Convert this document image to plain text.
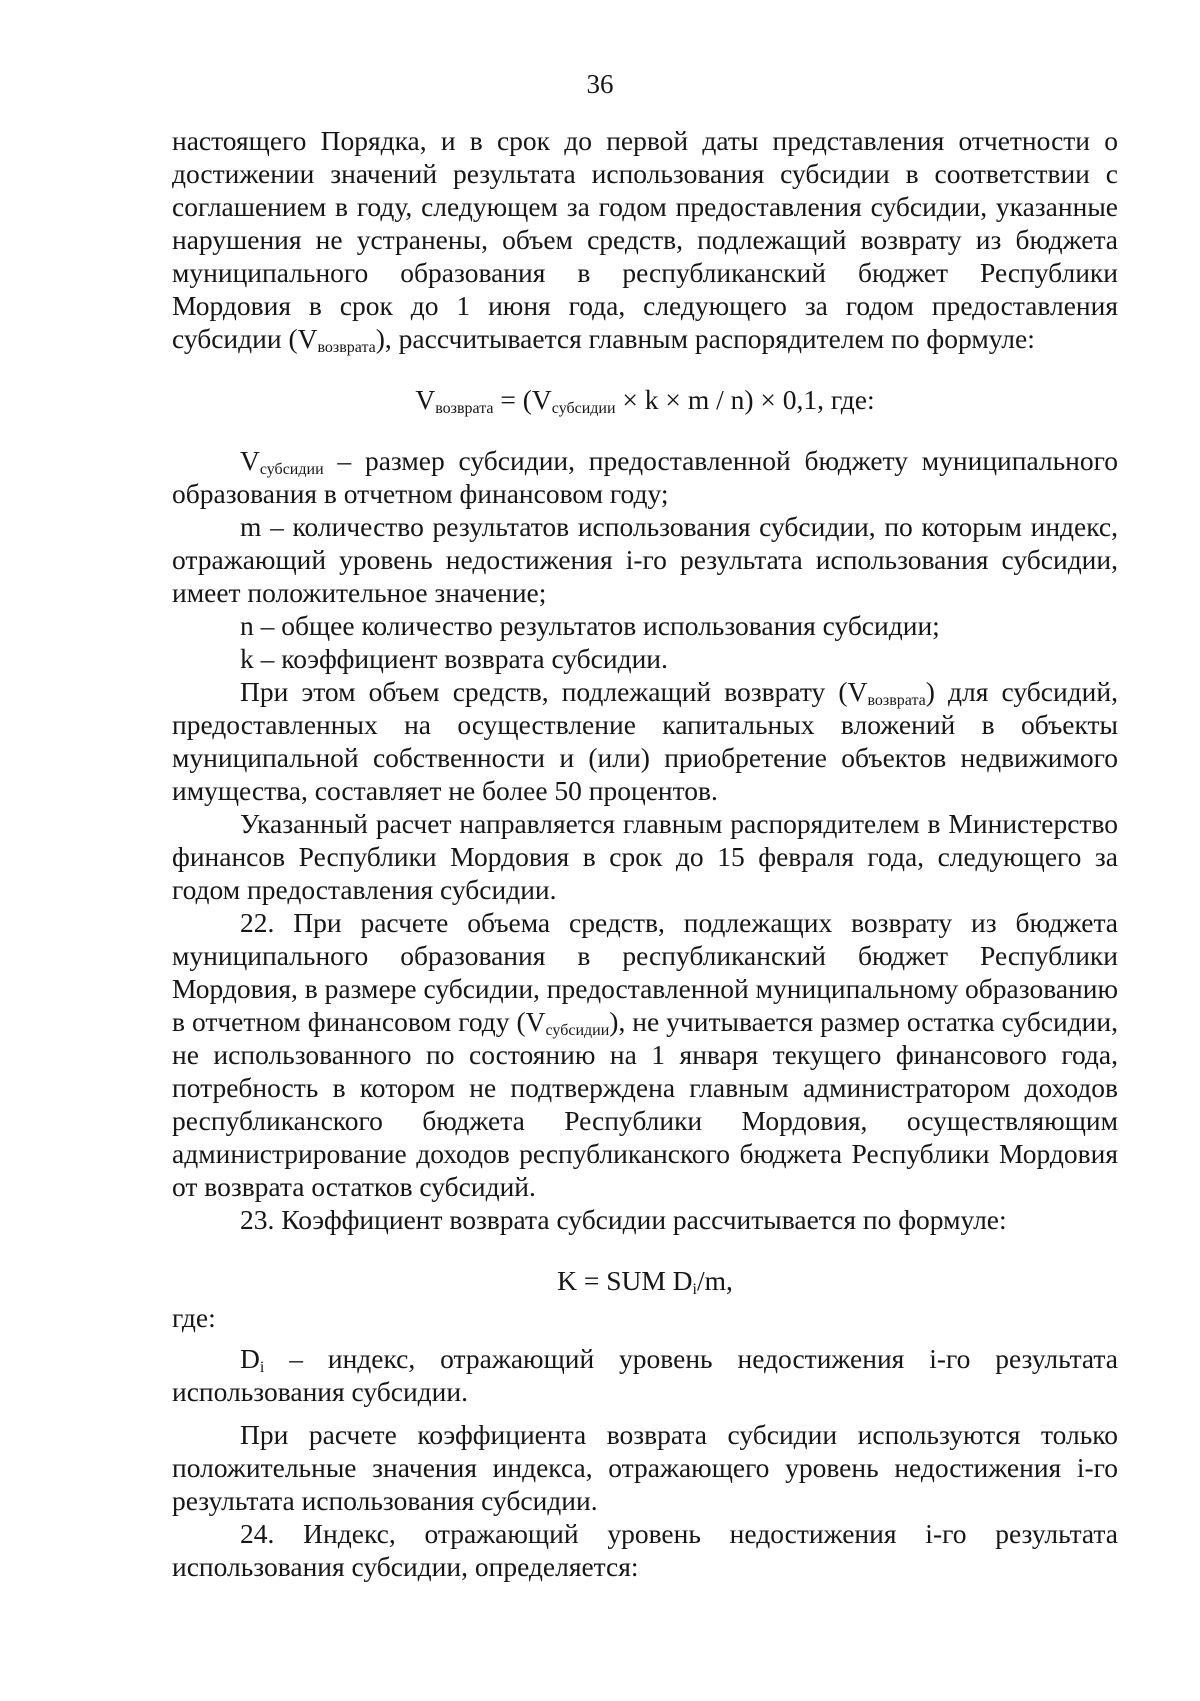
36

настоящего Порядка, и в срок до первой даты представления отчетности о достижении значений результата использования субсидии в соответствии с соглашением в году, следующем за годом предоставления субсидии, указанные нарушения не устранены, объем средств, подлежащий возврату из бюджета муниципального образования в республиканский бюджет Республики Мордовия в срок до 1 июня года, следующего за годом предоставления субсидии $(V_{возврата})$, рассчитывается главным распорядителем по формуле:

$V_{возврата} = (V_{субсидии} \times k \times m / n) \times 0,1$, где:

$V_{субсидии}$ – размер субсидии, предоставленной бюджету муниципального образования в отчетном финансовом году;

m – количество результатов использования субсидии, по которым индекс, отражающий уровень недостижения i-го результата использования субсидии, имеет положительное значение;

n – общее количество результатов использования субсидии;

k – коэффициент возврата субсидии.

При этом объем средств, подлежащий возврату $(V_{возврата})$ для субсидий, предоставленных на осуществление капитальных вложений в объекты муниципальной собственности и (или) приобретение объектов недвижимого имущества, составляет не более 50 процентов.

Указанный расчет направляется главным распорядителем в Министерство финансов Республики Мордовия в срок до 15 февраля года, следующего за годом предоставления субсидии.

22. При расчете объема средств, подлежащих возврату из бюджета муниципального образования в республиканский бюджет Республики Мордовия, в размере субсидии, предоставленной муниципальному образованию в отчетном финансовом году $(V_{субсидии})$, не учитывается размер остатка субсидии, не использованного по состоянию на 1 января текущего финансового года, потребность в котором не подтверждена главным администратором доходов республиканского бюджета Республики Мордовия, осуществляющим администрирование доходов республиканского бюджета Республики Мордовия от возврата остатков субсидий.

23. Коэффициент возврата субсидии рассчитывается по формуле:

K = SUM $D_i/m$,

где:

$D_i$ – индекс, отражающий уровень недостижения i-го результата использования субсидии.

При расчете коэффициента возврата субсидии используются только положительные значения индекса, отражающего уровень недостижения i-го результата использования субсидии.

24. Индекс, отражающий уровень недостижения i-го результата использования субсидии, определяется:
